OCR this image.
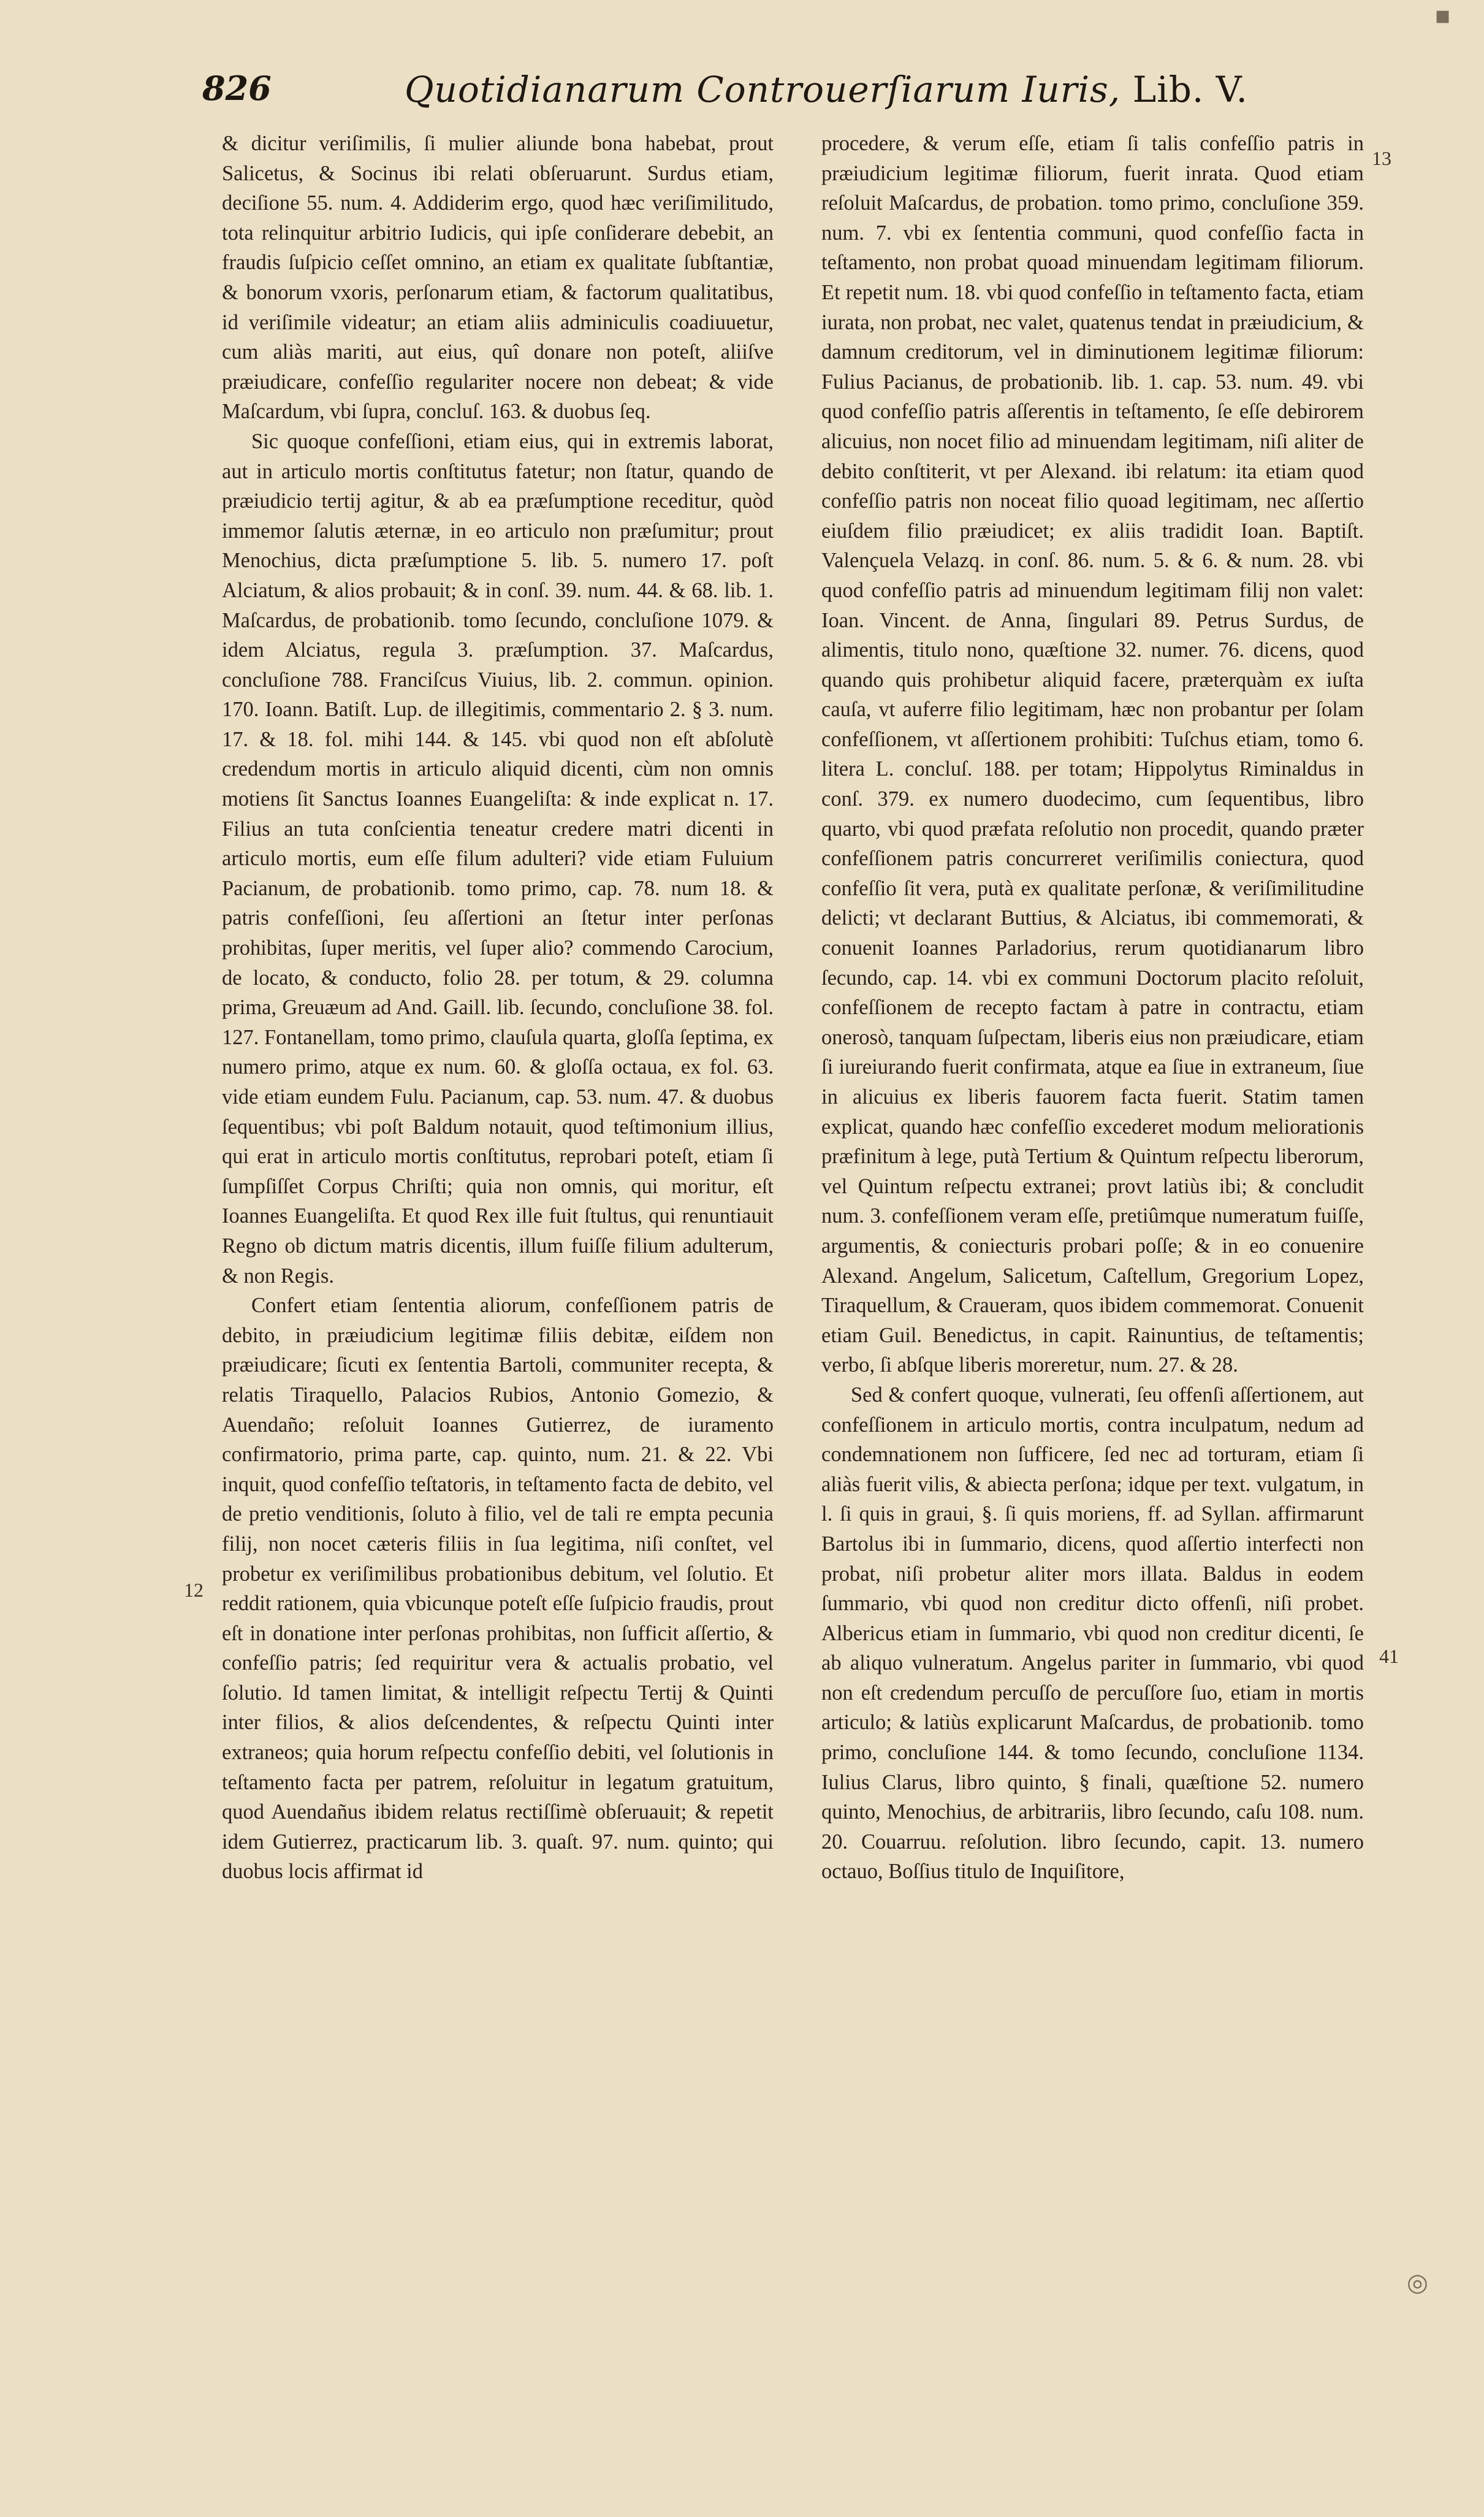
826	Quotidianarum Controuerſiarum Iuris, Lib. V.
12
13
41

& dicitur veriſimilis, ſi mulier aliunde bona habebat, prout Salicetus, & Socinus ibi relati obſeruarunt. Surdus etiam, deciſione 55. num. 4. Addiderim ergo, quod hæc veriſimilitudo, tota relinquitur arbitrio Iudicis, qui ipſe conſiderare debebit, an fraudis ſuſpicio ceſſet omnino, an etiam ex qualitate ſubſtantiæ, & bonorum vxoris, perſonarum etiam, & factorum qualitatibus, id veriſimile videatur; an etiam aliis adminiculis coadiuuetur, cum aliàs mariti, aut eius, quî donare non poteſt, aliiſve præiudicare, confeſſio regulariter nocere non debeat; & vide Maſcardum, vbi ſupra, concluſ. 163. & duobus ſeq.

Sic quoque confeſſioni, etiam eius, qui in extremis laborat, aut in articulo mortis conſtitutus fatetur; non ſtatur, quando de præiudicio tertij agitur, & ab ea præſumptione receditur, quòd immemor ſalutis æternæ, in eo articulo non præſumitur; prout Menochius, dicta præſumptione 5. lib. 5. numero 17. poſt Alciatum, & alios probauit; & in conſ. 39. num. 44. & 68. lib. 1. Maſcardus, de probationib. tomo ſecundo, concluſione 1079. & idem Alciatus, regula 3. præſumption. 37. Maſcardus, concluſione 788. Franciſcus Viuius, lib. 2. commun. opinion. 170. Ioann. Batiſt. Lup. de illegitimis, commentario 2. § 3. num. 17. & 18. fol. mihi 144. & 145. vbi quod non eſt abſolutè credendum mortis in articulo aliquid dicenti, cùm non omnis motiens ſit Sanctus Ioannes Euangeliſta: & inde explicat n. 17. Filius an tuta conſcientia teneatur credere matri dicenti in articulo mortis, eum eſſe filum adulteri? vide etiam Fuluium Pacianum, de probationib. tomo primo, cap. 78. num 18. & patris confeſſioni, ſeu aſſertioni an ſtetur inter perſonas prohibitas, ſuper meritis, vel ſuper alio? commendo Carocium, de locato, & conducto, folio 28. per totum, & 29. columna prima, Greuæum ad And. Gaill. lib. ſecundo, concluſione 38. fol. 127. Fontanellam, tomo primo, clauſula quarta, gloſſa ſeptima, ex numero primo, atque ex num. 60. & gloſſa octaua, ex fol. 63. vide etiam eundem Fulu. Pacianum, cap. 53. num. 47. & duobus ſequentibus; vbi poſt Baldum notauit, quod teſtimonium illius, qui erat in articulo mortis conſtitutus, reprobari poteſt, etiam ſi ſumpſiſſet Corpus Chriſti; quia non omnis, qui moritur, eſt Ioannes Euangeliſta. Et quod Rex ille fuit ſtultus, qui renuntiauit Regno ob dictum matris dicentis, illum fuiſſe filium adulterum, & non Regis.

Confert etiam ſententia aliorum, confeſſionem patris de debito, in præiudicium legitimæ filiis debitæ, eiſdem non præiudicare; ſicuti ex ſententia Bartoli, communiter recepta, & relatis Tiraquello, Palacios Rubios, Antonio Gomezio, & Auendaño; reſoluit Ioannes Gutierrez, de iuramento confirmatorio, prima parte, cap. quinto, num. 21. & 22. Vbi inquit, quod confeſſio teſtatoris, in teſtamento facta de debito, vel de pretio venditionis, ſoluto à filio, vel de tali re empta pecunia filij, non nocet cæteris filiis in ſua legitima, niſi conſtet, vel probetur ex veriſimilibus probationibus debitum, vel ſolutio. Et reddit rationem, quia vbicunque poteſt eſſe ſuſpicio fraudis, prout eſt in donatione inter perſonas prohibitas, non ſufficit aſſertio, & confeſſio patris; ſed requiritur vera & actualis probatio, vel ſolutio. Id tamen limitat, & intelligit reſpectu Tertij & Quinti inter filios, & alios deſcendentes, & reſpectu Quinti inter extraneos; quia horum reſpectu confeſſio debiti, vel ſolutionis in teſtamento facta per patrem, reſoluitur in legatum gratuitum, quod Auendañus ibidem relatus rectiſſimè obſeruauit; & repetit idem Gutierrez, practicarum lib. 3. quaſt. 97. num. quinto; qui duobus locis affirmat id

procedere, & verum eſſe, etiam ſi talis confeſſio patris in præiudicium legitimæ filiorum, fuerit inrata. Quod etiam reſoluit Maſcardus, de probation. tomo primo, concluſione 359. num. 7. vbi ex ſententia communi, quod confeſſio facta in teſtamento, non probat quoad minuendam legitimam filiorum. Et repetit num. 18. vbi quod confeſſio in teſtamento facta, etiam iurata, non probat, nec valet, quatenus tendat in præiudicium, & damnum creditorum, vel in diminutionem legitimæ filiorum: Fulius Pacianus, de probationib. lib. 1. cap. 53. num. 49. vbi quod confeſſio patris aſſerentis in teſtamento, ſe eſſe debirorem alicuius, non nocet filio ad minuendam legitimam, niſi aliter de debito conſtiterit, vt per Alexand. ibi relatum: ita etiam quod confeſſio patris non noceat filio quoad legitimam, nec aſſertio eiuſdem filio præiudicet; ex aliis tradidit Ioan. Baptiſt. Valençuela Velazq. in conſ. 86. num. 5. & 6. & num. 28. vbi quod confeſſio patris ad minuendum legitimam filij non valet: Ioan. Vincent. de Anna, ſingulari 89. Petrus Surdus, de alimentis, titulo nono, quæſtione 32. numer. 76. dicens, quod quando quis prohibetur aliquid facere, præterquàm ex iuſta cauſa, vt auferre filio legitimam, hæc non probantur per ſolam confeſſionem, vt aſſertionem prohibiti: Tuſchus etiam, tomo 6. litera L. concluſ. 188. per totam; Hippolytus Riminaldus in conſ. 379. ex numero duodecimo, cum ſequentibus, libro quarto, vbi quod præfata reſolutio non procedit, quando præter confeſſionem patris concurreret veriſimilis coniectura, quod confeſſio ſit vera, putà ex qualitate perſonæ, & veriſimilitudine delicti; vt declarant Buttius, & Alciatus, ibi commemorati, & conuenit Ioannes Parladorius, rerum quotidianarum libro ſecundo, cap. 14. vbi ex communi Doctorum placito reſoluit, confeſſionem de recepto factam à patre in contractu, etiam onerosò, tanquam ſuſpectam, liberis eius non præiudicare, etiam ſi iureiurando fuerit confirmata, atque ea ſiue in extraneum, ſiue in alicuius ex liberis fauorem facta fuerit. Statim tamen explicat, quando hæc confeſſio excederet modum meliorationis præfinitum à lege, putà Tertium & Quintum reſpectu liberorum, vel Quintum reſpectu extranei; provt latiùs ibi; & concludit num. 3. confeſſionem veram eſſe, pretiûmque numeratum fuiſſe, argumentis, & coniecturis probari poſſe; & in eo conuenire Alexand. Angelum, Salicetum, Caſtellum, Gregorium Lopez, Tiraquellum, & Craueram, quos ibidem commemorat. Conuenit etiam Guil. Benedictus, in capit. Rainuntius, de teſtamentis; verbo, ſi abſque liberis moreretur, num. 27. & 28.

Sed & confert quoque, vulnerati, ſeu offenſi aſſertionem, aut confeſſionem in articulo mortis, contra inculpatum, nedum ad condemnationem non ſufficere, ſed nec ad torturam, etiam ſi aliàs fuerit vilis, & abiecta perſona; idque per text. vulgatum, in l. ſi quis in graui, §. ſi quis moriens, ff. ad Syllan. affirmarunt Bartolus ibi in ſummario, dicens, quod aſſertio interfecti non probat, niſi probetur aliter mors illata. Baldus in eodem ſummario, vbi quod non creditur dicto offenſi, niſi probet. Albericus etiam in ſummario, vbi quod non creditur dicenti, ſe ab aliquo vulneratum. Angelus pariter in ſummario, vbi quod non eſt credendum percuſſo de percuſſore ſuo, etiam in mortis articulo; & latiùs explicarunt Maſcardus, de probationib. tomo primo, concluſione 144. & tomo ſecundo, concluſione 1134. Iulius Clarus, libro quinto, § finali, quæſtione 52. numero quinto, Menochius, de arbitrariis, libro ſecundo, caſu 108. num. 20. Couarruu. reſolution. libro ſecundo, capit. 13. numero octauo, Boſſius titulo de Inquiſitore,

◎
▪
